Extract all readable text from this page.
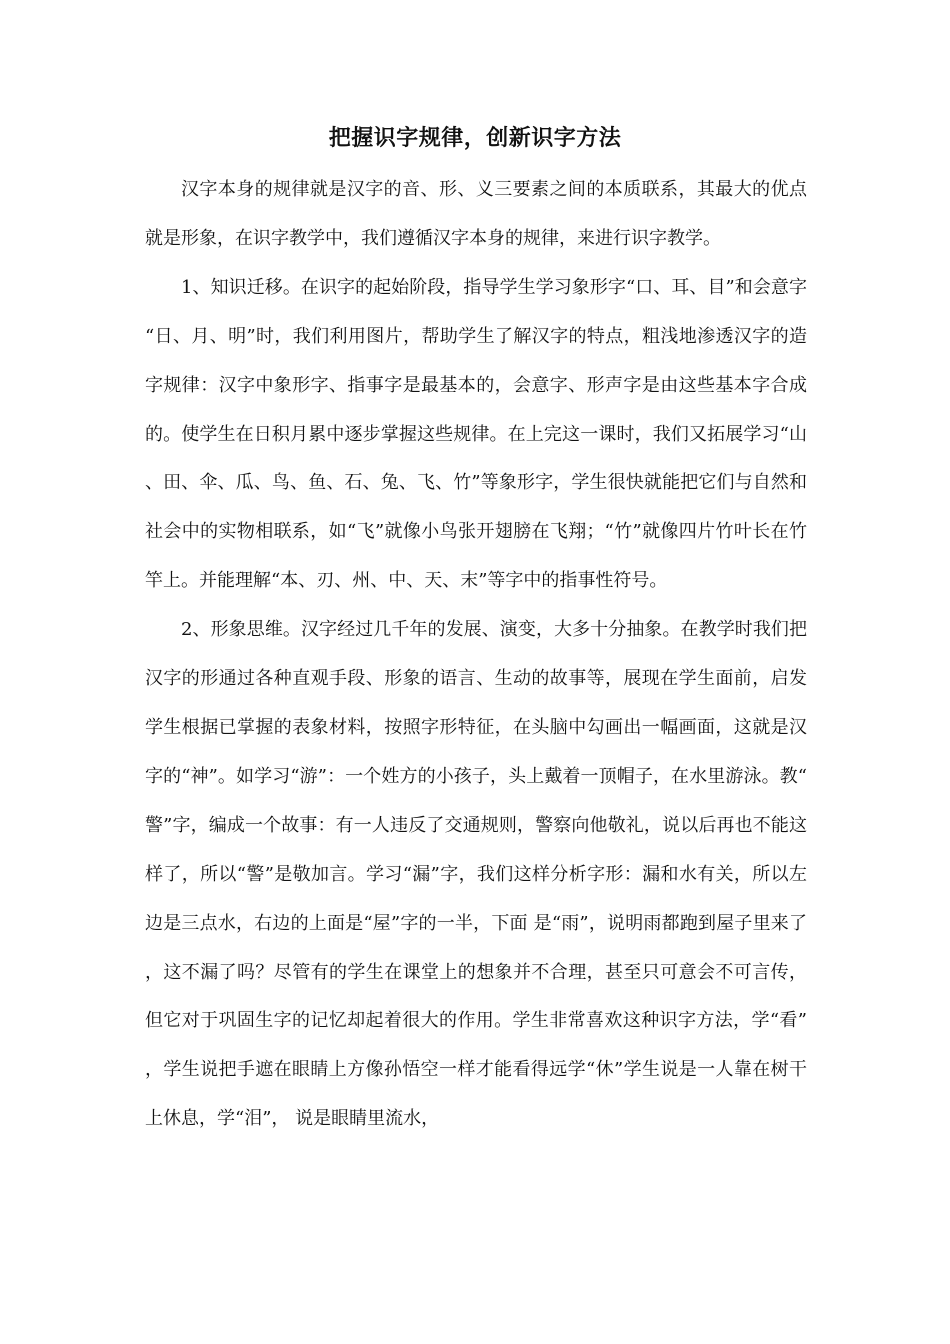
把握识字规律，创新识字方法

汉字本身的规律就是汉字的音、形、义三要素之间的本质联系，其最大的优点就是形象，在识字教学中，我们遵循汉字本身的规律，来进行识字教学。

1、知识迁移。在识字的起始阶段，指导学生学习象形字“口、耳、目”和会意字“日、月、明”时，我们利用图片，帮助学生了解汉字的特点，粗浅地渗透汉字的造字规律：汉字中象形字、指事字是最基本的，会意字、形声字是由这些基本字合成的。使学生在日积月累中逐步掌握这些规律。在上完这一课时，我们又拓展学习“山、田、伞、瓜、鸟、鱼、石、兔、飞、竹”等象形字，学生很快就能把它们与自然和社会中的实物相联系，如“飞”就像小鸟张开翅膀在飞翔；“竹”就像四片竹叶长在竹竿上。并能理解“本、刃、州、中、天、末”等字中的指事性符号。

2、形象思维。汉字经过几千年的发展、演变，大多十分抽象。在教学时我们把汉字的形通过各种直观手段、形象的语言、生动的故事等，展现在学生面前，启发学生根据已掌握的表象材料，按照字形特征，在头脑中勾画出一幅画面，这就是汉字的“神”。如学习“游”：一个姓方的小孩子，头上戴着一顶帽子，在水里游泳。教“警”字，编成一个故事：有一人违反了交通规则，警察向他敬礼，说以后再也不能这样了，所以“警”是敬加言。学习“漏”字，我们这样分析字形：漏和水有关，所以左边是三点水，右边的上面是“屋”字的一半，下面 是“雨”，说明雨都跑到屋子里来了，这不漏了吗？尽管有的学生在课堂上的想象并不合理，甚至只可意会不可言传，但它对于巩固生字的记忆却起着很大的作用。学生非常喜欢这种识字方法，学“看”，学生说把手遮在眼睛上方像孙悟空一样才能看得远学“休”学生说是一人靠在树干上休息，学“泪”， 说是眼睛里流水，
